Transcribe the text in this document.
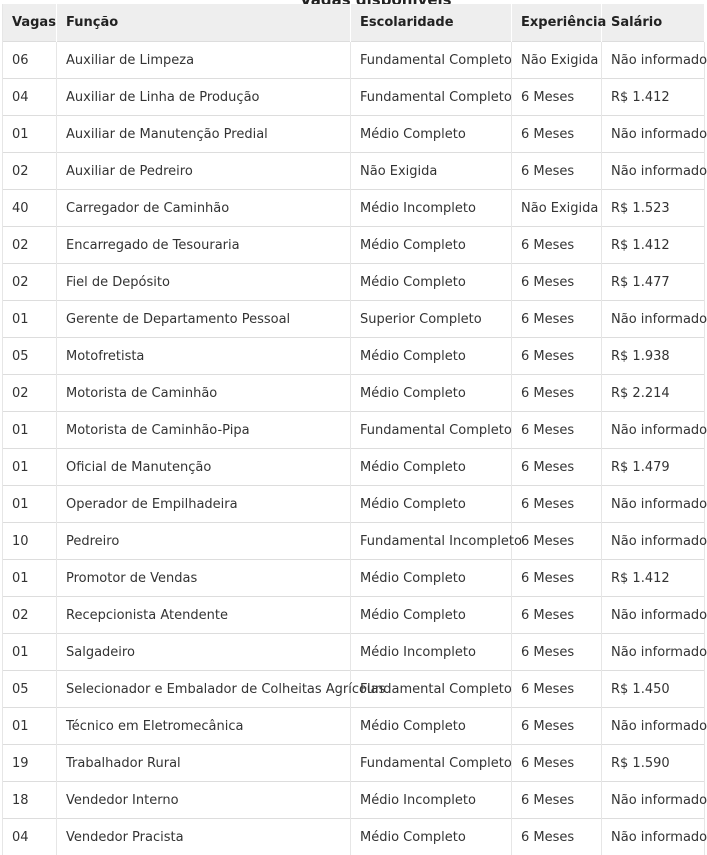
Vagas	Função	Escolaridade	Experiência	Salário
06	Auxiliar de Limpeza	Fundamental Completo	Não Exigida	Não informado
04	Auxiliar de Linha de Produção	Fundamental Completo	6 Meses	R$ 1.412
01	Auxiliar de Manutenção Predial	Médio Completo	6 Meses	Não informado
02	Auxiliar de Pedreiro	Não Exigida	6 Meses	Não informado
40	Carregador de Caminhão	Médio Incompleto	Não Exigida	R$ 1.523
02	Encarregado de Tesouraria	Médio Completo	6 Meses	R$ 1.412
02	Fiel de Depósito	Médio Completo	6 Meses	R$ 1.477
01	Gerente de Departamento Pessoal	Superior Completo	6 Meses	Não informado
05	Motofretista	Médio Completo	6 Meses	R$ 1.938
02	Motorista de Caminhão	Médio Completo	6 Meses	R$ 2.214
01	Motorista de Caminhão-Pipa	Fundamental Completo	6 Meses	Não informado
01	Oficial de Manutenção	Médio Completo	6 Meses	R$ 1.479
01	Operador de Empilhadeira	Médio Completo	6 Meses	Não informado
10	Pedreiro	Fundamental Incompleto	6 Meses	Não informado
01	Promotor de Vendas	Médio Completo	6 Meses	R$ 1.412
02	Recepcionista Atendente	Médio Completo	6 Meses	Não informado
01	Salgadeiro	Médio Incompleto	6 Meses	Não informado
05	Selecionador e Embalador de Colheitas Agrícolas	Fundamental Completo	6 Meses	R$ 1.450
01	Técnico em Eletromecânica	Médio Completo	6 Meses	Não informado
19	Trabalhador Rural	Fundamental Completo	6 Meses	R$ 1.590
18	Vendedor Interno	Médio Incompleto	6 Meses	Não informado
04	Vendedor Pracista	Médio Completo	6 Meses	Não informado
